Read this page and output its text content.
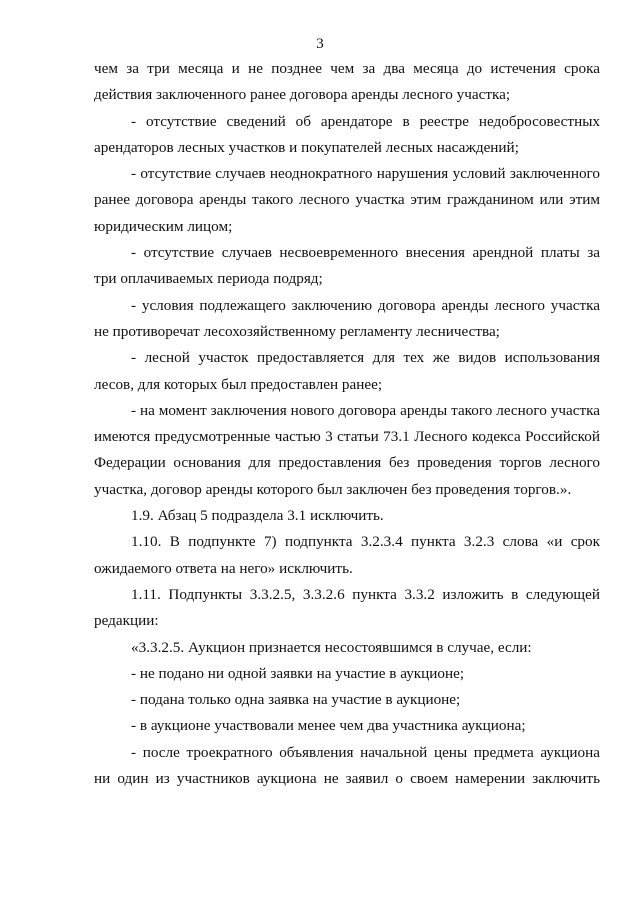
3

чем за три месяца и не позднее чем за два месяца до истечения срока действия заключенного ранее договора аренды лесного участка;

- отсутствие сведений об арендаторе в реестре недобросовестных арендаторов лесных участков и покупателей лесных насаждений;

- отсутствие случаев неоднократного нарушения условий заключенного ранее договора аренды такого лесного участка этим гражданином или этим юридическим лицом;

- отсутствие случаев несвоевременного внесения арендной платы за три оплачиваемых периода подряд;

- условия подлежащего заключению договора аренды лесного участка не противоречат лесохозяйственному регламенту лесничества;

- лесной участок предоставляется для тех же видов использования лесов, для которых был предоставлен ранее;

- на момент заключения нового договора аренды такого лесного участка имеются предусмотренные частью 3 статьи 73.1 Лесного кодекса Российской Федерации основания для предоставления без проведения торгов лесного участка, договор аренды которого был заключен без проведения торгов.».

1.9. Абзац 5 подраздела 3.1 исключить.

1.10. В подпункте 7) подпункта 3.2.3.4 пункта 3.2.3 слова «и срок ожидаемого ответа на него» исключить.

1.11. Подпункты 3.3.2.5, 3.3.2.6 пункта 3.3.2 изложить в следующей редакции:

«3.3.2.5. Аукцион признается несостоявшимся в случае, если:

- не подано ни одной заявки на участие в аукционе;

- подана только одна заявка на участие в аукционе;

- в аукционе участвовали менее чем два участника аукциона;

- после троекратного объявления начальной цены предмета аукциона ни один из участников аукциона не заявил о своем намерении заключить
